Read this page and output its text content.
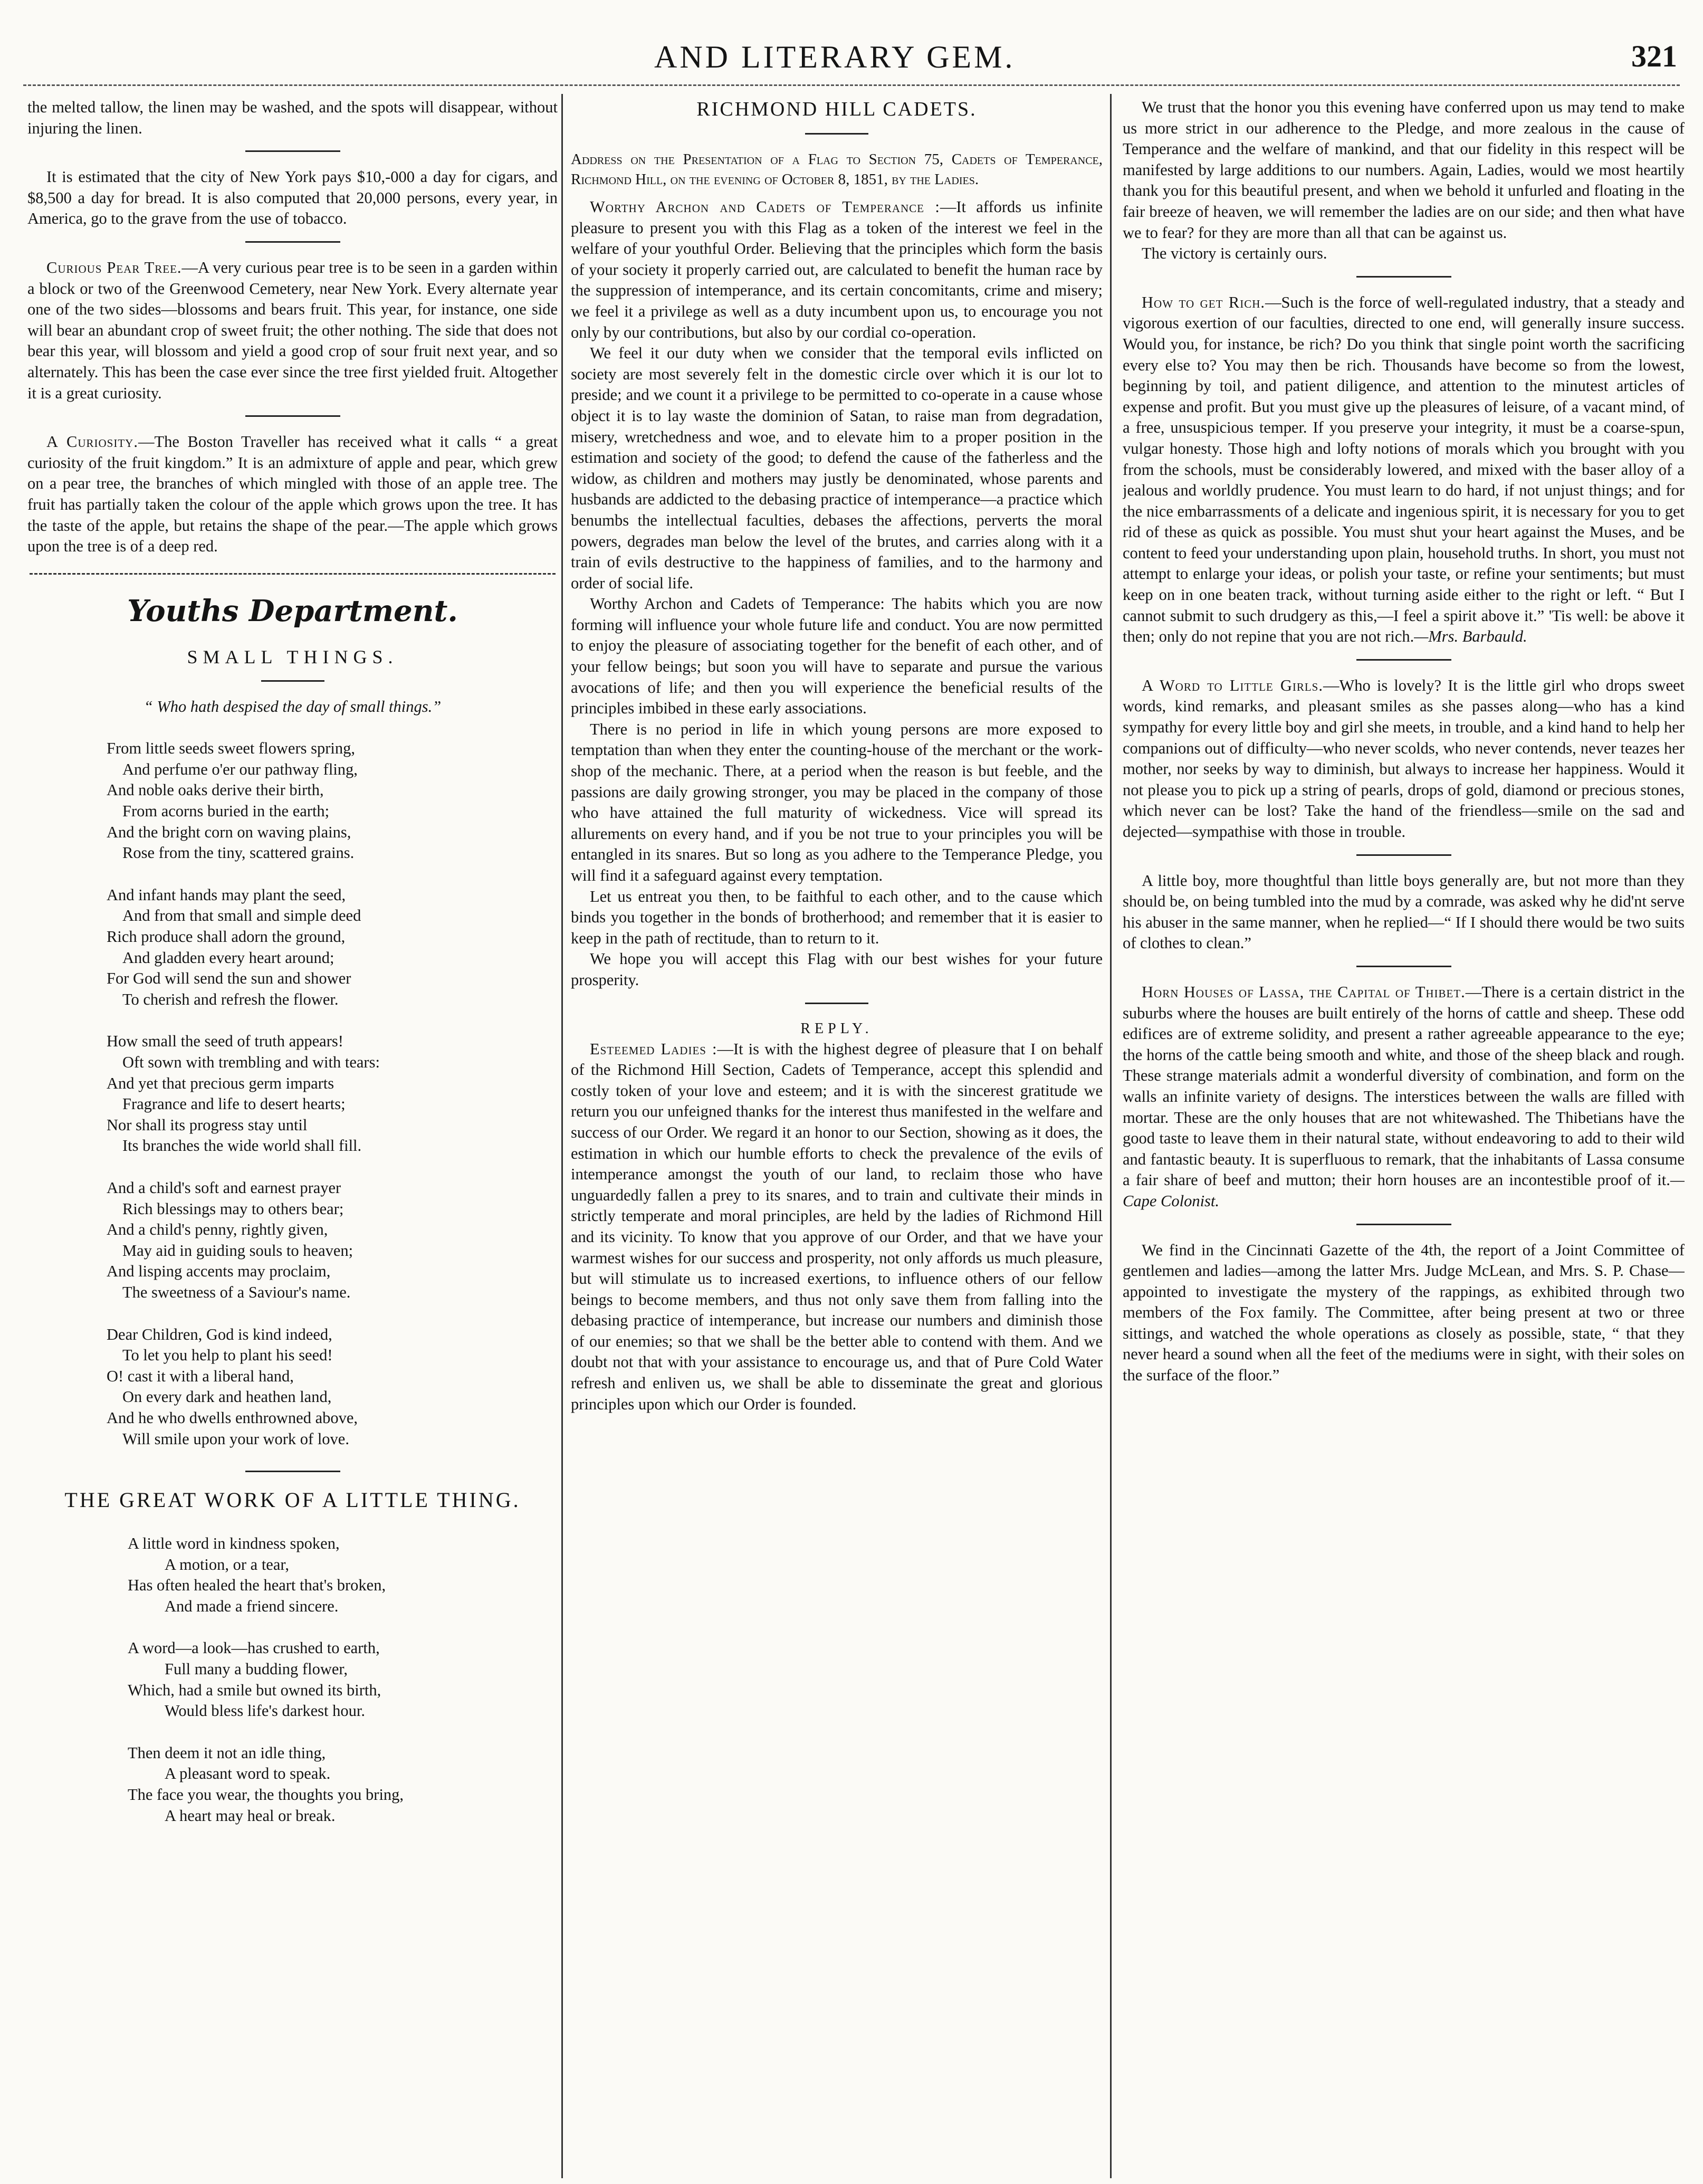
AND LITERARY GEM.	321

the melted tallow, the linen may be washed, and the spots will disappear, without injuring the linen.

It is estimated that the city of New York pays $10,-000 a day for cigars, and $8,500 a day for bread. It is also computed that 20,000 persons, every year, in America, go to the grave from the use of tobacco.

Curious Pear Tree.—A very curious pear tree is to be seen in a garden within a block or two of the Greenwood Cemetery, near New York. Every alternate year one of the two sides—blossoms and bears fruit. This year, for instance, one side will bear an abundant crop of sweet fruit; the other nothing. The side that does not bear this year, will blossom and yield a good crop of sour fruit next year, and so alternately. This has been the case ever since the tree first yielded fruit. Altogether it is a great curiosity.

A Curiosity.—The Boston Traveller has received what it calls “ a great curiosity of the fruit kingdom.” It is an admixture of apple and pear, which grew on a pear tree, the branches of which mingled with those of an apple tree. The fruit has partially taken the colour of the apple which grows upon the tree. It has the taste of the apple, but retains the shape of the pear.—The apple which grows upon the tree is of a deep red.

Youths Department.
SMALL THINGS.
“ Who hath despised the day of small things.”
From little seeds sweet flowers spring,
And perfume o'er our pathway fling,
And noble oaks derive their birth,
From acorns buried in the earth;
And the bright corn on waving plains,
Rose from the tiny, scattered grains.
And infant hands may plant the seed,
And from that small and simple deed
Rich produce shall adorn the ground,
And gladden every heart around;
For God will send the sun and shower
To cherish and refresh the flower.
How small the seed of truth appears!
Oft sown with trembling and with tears:
And yet that precious germ imparts
Fragrance and life to desert hearts;
Nor shall its progress stay until
Its branches the wide world shall fill.
And a child's soft and earnest prayer
Rich blessings may to others bear;
And a child's penny, rightly given,
May aid in guiding souls to heaven;
And lisping accents may proclaim,
The sweetness of a Saviour's name.
Dear Children, God is kind indeed,
To let you help to plant his seed!
O! cast it with a liberal hand,
On every dark and heathen land,
And he who dwells enthrowned above,
Will smile upon your work of love.
THE GREAT WORK OF A LITTLE THING.
A little word in kindness spoken,
A motion, or a tear,
Has often healed the heart that's broken,
And made a friend sincere.
A word—a look—has crushed to earth,
Full many a budding flower,
Which, had a smile but owned its birth,
Would bless life's darkest hour.
Then deem it not an idle thing,
A pleasant word to speak.
The face you wear, the thoughts you bring,
A heart may heal or break.
RICHMOND HILL CADETS.
Address on the Presentation of a Flag to Section 75, Cadets of Temperance, Richmond Hill, on the evening of October 8, 1851, by the Ladies.

Worthy Archon and Cadets of Temperance :—It affords us infinite pleasure to present you with this Flag as a token of the interest we feel in the welfare of your youthful Order. Believing that the principles which form the basis of your society it properly carried out, are calculated to benefit the human race by the suppression of intemperance, and its certain concomitants, crime and misery; we feel it a privilege as well as a duty incumbent upon us, to encourage you not only by our contributions, but also by our cordial co-operation.

We feel it our duty when we consider that the temporal evils inflicted on society are most severely felt in the domestic circle over which it is our lot to preside; and we count it a privilege to be permitted to co-operate in a cause whose object it is to lay waste the dominion of Satan, to raise man from degradation, misery, wretchedness and woe, and to elevate him to a proper position in the estimation and society of the good; to defend the cause of the fatherless and the widow, as children and mothers may justly be denominated, whose parents and husbands are addicted to the debasing practice of intemperance—a practice which benumbs the intellectual faculties, debases the affections, perverts the moral powers, degrades man below the level of the brutes, and carries along with it a train of evils destructive to the happiness of families, and to the harmony and order of social life.

Worthy Archon and Cadets of Temperance: The habits which you are now forming will influence your whole future life and conduct. You are now permitted to enjoy the pleasure of associating together for the benefit of each other, and of your fellow beings; but soon you will have to separate and pursue the various avocations of life; and then you will experience the beneficial results of the principles imbibed in these early associations.

There is no period in life in which young persons are more exposed to temptation than when they enter the counting-house of the merchant or the work-shop of the mechanic. There, at a period when the reason is but feeble, and the passions are daily growing stronger, you may be placed in the company of those who have attained the full maturity of wickedness. Vice will spread its allurements on every hand, and if you be not true to your principles you will be entangled in its snares. But so long as you adhere to the Temperance Pledge, you will find it a safeguard against every temptation.

Let us entreat you then, to be faithful to each other, and to the cause which binds you together in the bonds of brotherhood; and remember that it is easier to keep in the path of rectitude, than to return to it.

We hope you will accept this Flag with our best wishes for your future prosperity.

REPLY.

Esteemed Ladies :—It is with the highest degree of pleasure that I on behalf of the Richmond Hill Section, Cadets of Temperance, accept this splendid and costly token of your love and esteem; and it is with the sincerest gratitude we return you our unfeigned thanks for the interest thus manifested in the welfare and success of our Order. We regard it an honor to our Section, showing as it does, the estimation in which our humble efforts to check the prevalence of the evils of intemperance amongst the youth of our land, to reclaim those who have unguardedly fallen a prey to its snares, and to train and cultivate their minds in strictly temperate and moral principles, are held by the ladies of Richmond Hill and its vicinity. To know that you approve of our Order, and that we have your warmest wishes for our success and prosperity, not only affords us much pleasure, but will stimulate us to increased exertions, to influence others of our fellow beings to become members, and thus not only save them from falling into the debasing practice of intemperance, but increase our numbers and diminish those of our enemies; so that we shall be the better able to contend with them. And we doubt not that with your assistance to encourage us, and that of Pure Cold Water refresh and enliven us, we shall be able to disseminate the great and glorious principles upon which our Order is founded.

We trust that the honor you this evening have conferred upon us may tend to make us more strict in our adherence to the Pledge, and more zealous in the cause of Temperance and the welfare of mankind, and that our fidelity in this respect will be manifested by large additions to our numbers. Again, Ladies, would we most heartily thank you for this beautiful present, and when we behold it unfurled and floating in the fair breeze of heaven, we will remember the ladies are on our side; and then what have we to fear? for they are more than all that can be against us.

The victory is certainly ours.

How to get Rich.—Such is the force of well-regulated industry, that a steady and vigorous exertion of our faculties, directed to one end, will generally insure success. Would you, for instance, be rich? Do you think that single point worth the sacrificing every else to? You may then be rich. Thousands have become so from the lowest, beginning by toil, and patient diligence, and attention to the minutest articles of expense and profit. But you must give up the pleasures of leisure, of a vacant mind, of a free, unsuspicious temper. If you preserve your integrity, it must be a coarse-spun, vulgar honesty. Those high and lofty notions of morals which you brought with you from the schools, must be considerably lowered, and mixed with the baser alloy of a jealous and worldly prudence. You must learn to do hard, if not unjust things; and for the nice embarrassments of a delicate and ingenious spirit, it is necessary for you to get rid of these as quick as possible. You must shut your heart against the Muses, and be content to feed your understanding upon plain, household truths. In short, you must not attempt to enlarge your ideas, or polish your taste, or refine your sentiments; but must keep on in one beaten track, without turning aside either to the right or left. “ But I cannot submit to such drudgery as this,—I feel a spirit above it.” 'Tis well: be above it then; only do not repine that you are not rich.—Mrs. Barbauld.

A Word to Little Girls.—Who is lovely? It is the little girl who drops sweet words, kind remarks, and pleasant smiles as she passes along—who has a kind sympathy for every little boy and girl she meets, in trouble, and a kind hand to help her companions out of difficulty—who never scolds, who never contends, never teazes her mother, nor seeks by way to diminish, but always to increase her happiness. Would it not please you to pick up a string of pearls, drops of gold, diamond or precious stones, which never can be lost? Take the hand of the friendless—smile on the sad and dejected—sympathise with those in trouble.

A little boy, more thoughtful than little boys generally are, but not more than they should be, on being tumbled into the mud by a comrade, was asked why he did'nt serve his abuser in the same manner, when he replied—“ If I should there would be two suits of clothes to clean.”

Horn Houses of Lassa, the Capital of Thibet.—There is a certain district in the suburbs where the houses are built entirely of the horns of cattle and sheep. These odd edifices are of extreme solidity, and present a rather agreeable appearance to the eye; the horns of the cattle being smooth and white, and those of the sheep black and rough. These strange materials admit a wonderful diversity of combination, and form on the walls an infinite variety of designs. The interstices between the walls are filled with mortar. These are the only houses that are not whitewashed. The Thibetians have the good taste to leave them in their natural state, without endeavoring to add to their wild and fantastic beauty. It is superfluous to remark, that the inhabitants of Lassa consume a fair share of beef and mutton; their horn houses are an incontestible proof of it.—Cape Colonist.

We find in the Cincinnati Gazette of the 4th, the report of a Joint Committee of gentlemen and ladies—among the latter Mrs. Judge McLean, and Mrs. S. P. Chase—appointed to investigate the mystery of the rappings, as exhibited through two members of the Fox family. The Committee, after being present at two or three sittings, and watched the whole operations as closely as possible, state, “ that they never heard a sound when all the feet of the mediums were in sight, with their soles on the surface of the floor.”
